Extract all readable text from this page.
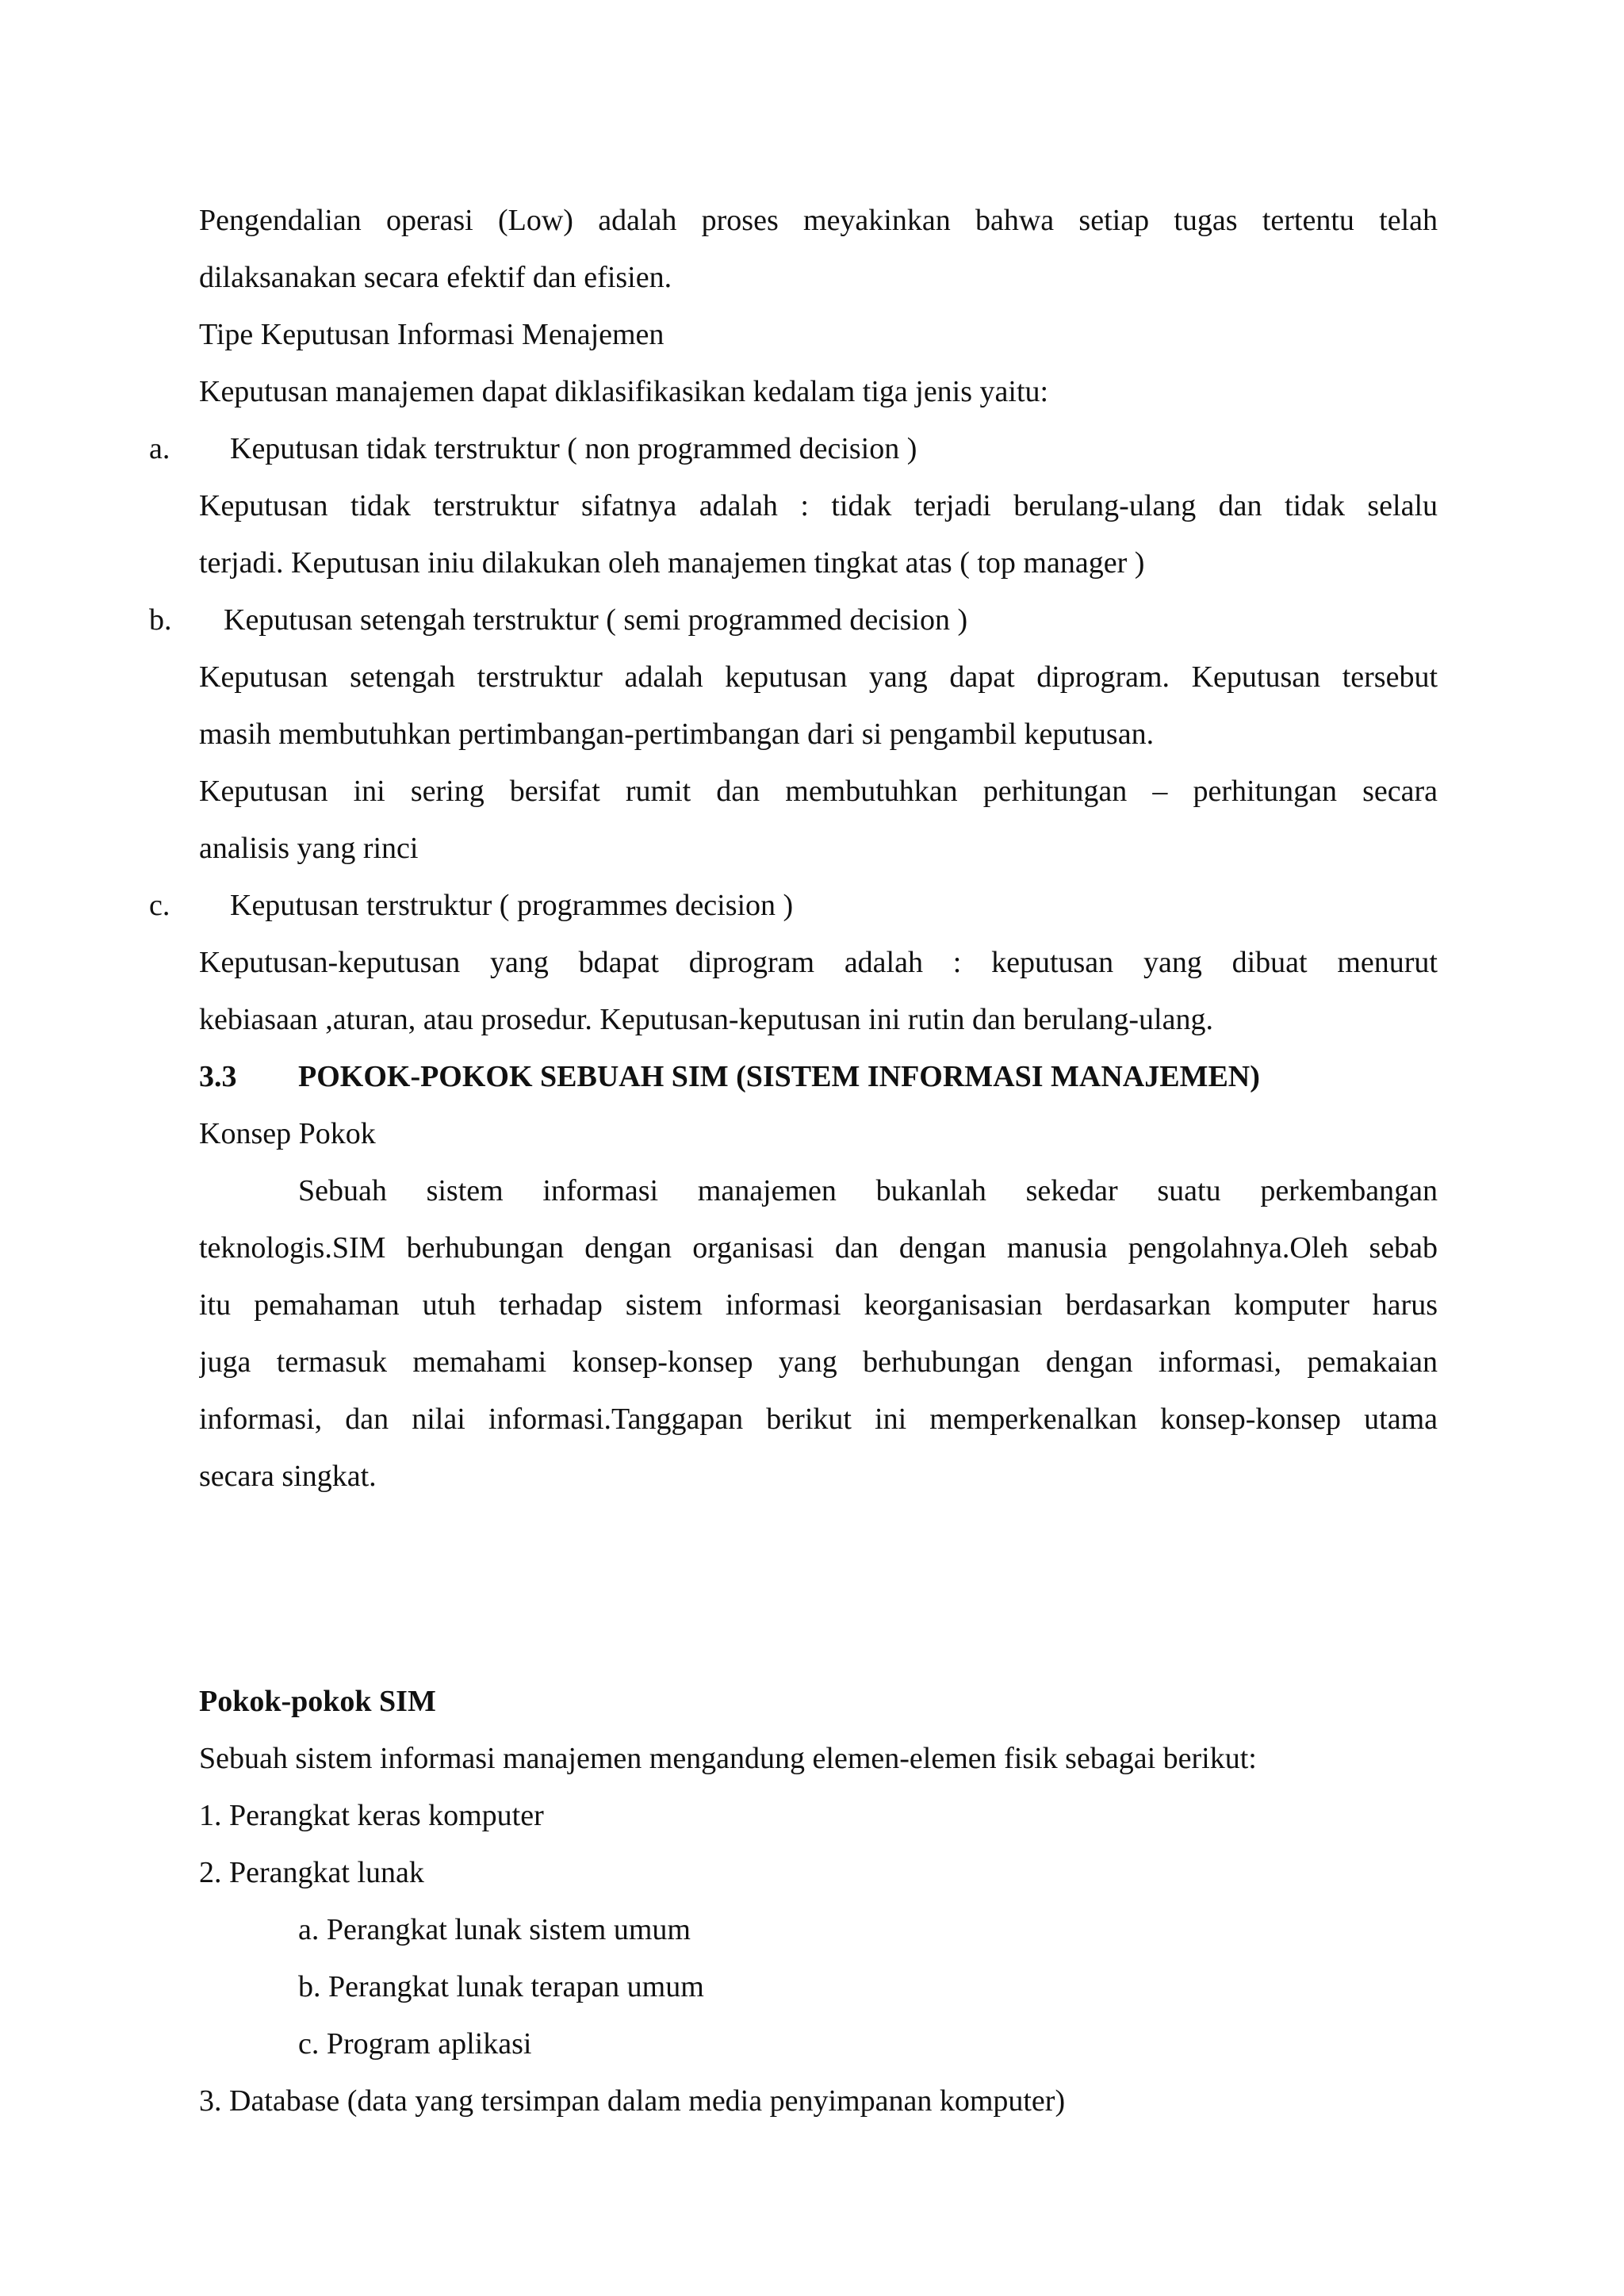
Pengendalian operasi (Low) adalah proses meyakinkan bahwa setiap tugas tertentu telah
dilaksanakan secara efektif dan efisien.
Tipe Keputusan Informasi Menajemen
Keputusan manajemen dapat diklasifikasikan kedalam tiga jenis yaitu:
a. Keputusan tidak terstruktur ( non programmed decision )
Keputusan tidak terstruktur sifatnya adalah : tidak terjadi berulang-ulang dan tidak selalu
terjadi. Keputusan iniu dilakukan oleh manajemen tingkat atas ( top manager )
b. Keputusan setengah terstruktur ( semi programmed decision )
Keputusan setengah terstruktur adalah keputusan yang dapat diprogram. Keputusan tersebut
masih membutuhkan pertimbangan-pertimbangan dari si pengambil keputusan.
Keputusan ini sering bersifat rumit dan membutuhkan perhitungan – perhitungan secara
analisis yang rinci
c. Keputusan terstruktur ( programmes decision )
Keputusan-keputusan yang bdapat diprogram adalah : keputusan yang dibuat menurut
kebiasaan ,aturan, atau prosedur. Keputusan-keputusan ini rutin dan berulang-ulang.
3.3 POKOK-POKOK SEBUAH SIM (SISTEM INFORMASI MANAJEMEN)
Konsep Pokok
Sebuah sistem informasi manajemen bukanlah sekedar suatu perkembangan
teknologis.SIM berhubungan dengan organisasi dan dengan manusia pengolahnya.Oleh sebab
itu pemahaman utuh terhadap sistem informasi keorganisasian berdasarkan komputer harus
juga termasuk memahami konsep-konsep yang berhubungan dengan informasi, pemakaian
informasi, dan nilai informasi.Tanggapan berikut ini memperkenalkan konsep-konsep utama
secara singkat.
Pokok-pokok SIM
Sebuah sistem informasi manajemen mengandung elemen-elemen fisik sebagai berikut:
1. Perangkat keras komputer
2. Perangkat lunak
a. Perangkat lunak sistem umum
b. Perangkat lunak terapan umum
c. Program aplikasi
3. Database (data yang tersimpan dalam media penyimpanan komputer)
